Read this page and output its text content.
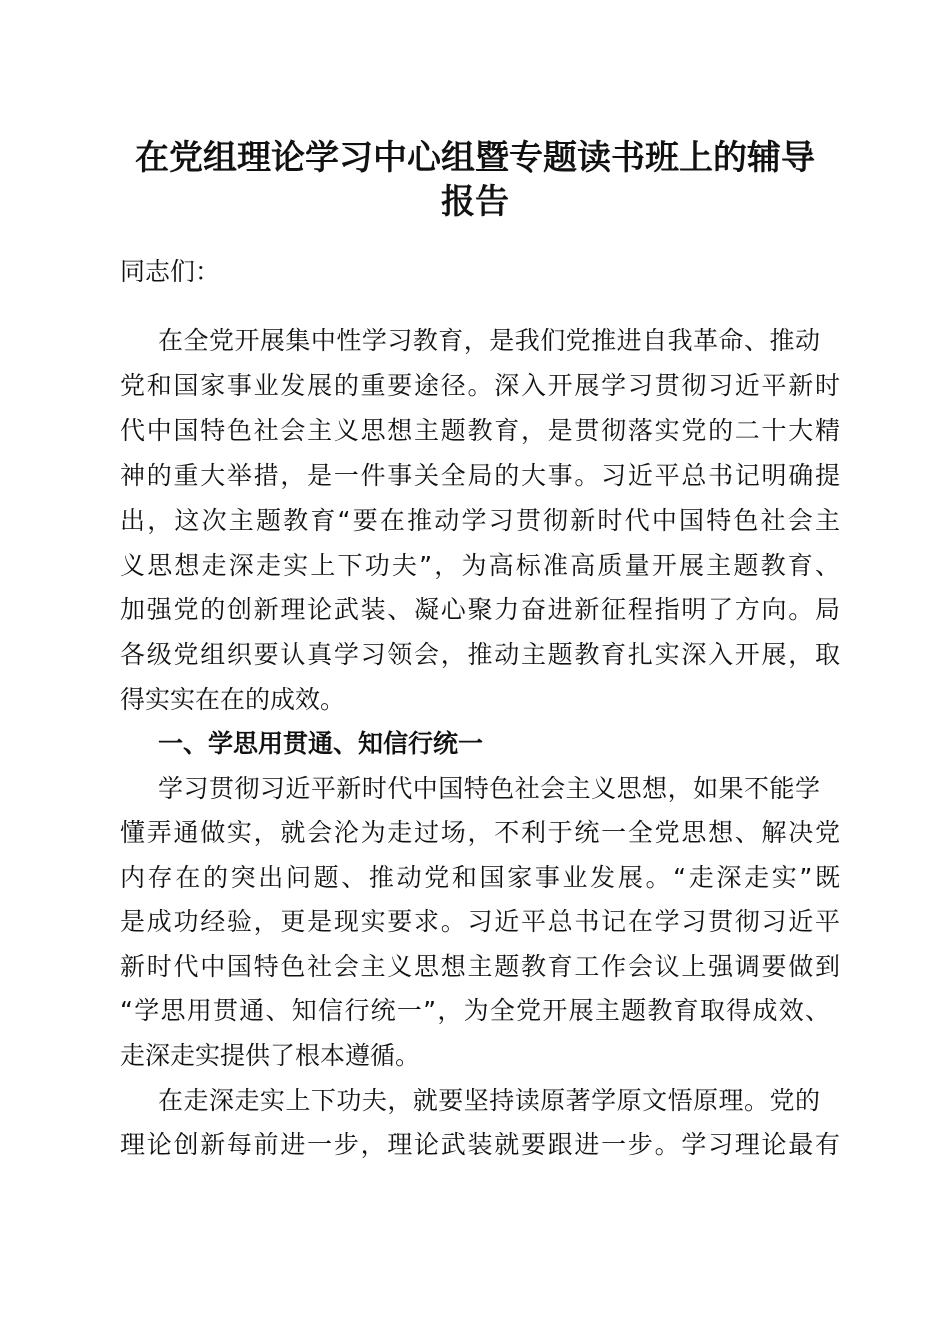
在党组理论学习中心组暨专题读书班上的辅导
报告
同志们：
在全党开展集中性学习教育，是我们党推进自我革命、推动
党和国家事业发展的重要途径。深入开展学习贯彻习近平新时
代中国特色社会主义思想主题教育，是贯彻落实党的二十大精
神的重大举措，是一件事关全局的大事。习近平总书记明确提
出，这次主题教育“要在推动学习贯彻新时代中国特色社会主
义思想走深走实上下功夫”，为高标准高质量开展主题教育、
加强党的创新理论武装、凝心聚力奋进新征程指明了方向。局
各级党组织要认真学习领会，推动主题教育扎实深入开展，取
得实实在在的成效。
一、学思用贯通、知信行统一
学习贯彻习近平新时代中国特色社会主义思想，如果不能学
懂弄通做实，就会沦为走过场，不利于统一全党思想、解决党
内存在的突出问题、推动党和国家事业发展。“走深走实”既
是成功经验，更是现实要求。习近平总书记在学习贯彻习近平
新时代中国特色社会主义思想主题教育工作会议上强调要做到
“学思用贯通、知信行统一”，为全党开展主题教育取得成效、
走深走实提供了根本遵循。
在走深走实上下功夫，就要坚持读原著学原文悟原理。党的
理论创新每前进一步，理论武装就要跟进一步。学习理论最有
